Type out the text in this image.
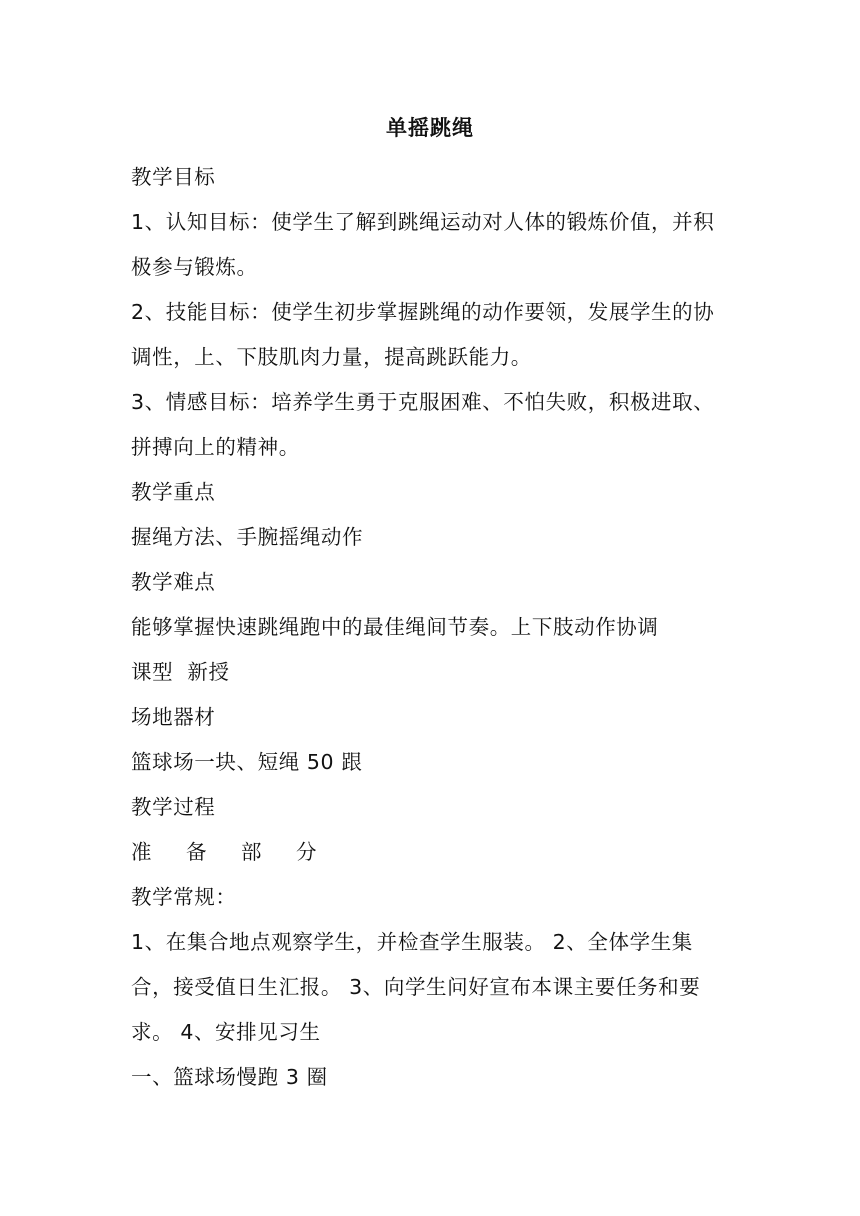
单摇跳绳

教学目标

1、认知目标：使学生了解到跳绳运动对人体的锻炼价值，并积极参与锻炼。

2、技能目标：使学生初步掌握跳绳的动作要领，发展学生的协调性，上、下肢肌肉力量，提高跳跃能力。

3、情感目标：培养学生勇于克服困难、不怕失败，积极进取、拼搏向上的精神。

教学重点

握绳方法、手腕摇绳动作

教学难点

能够掌握快速跳绳跑中的最佳绳间节奏。上下肢动作协调

课型  新授

场地器材

篮球场一块、短绳 50 跟

教学过程

准 备 部 分

教学常规：

1、在集合地点观察学生，并检查学生服装。 2、全体学生集合，接受值日生汇报。 3、向学生问好宣布本课主要任务和要求。 4、安排见习生

一、篮球场慢跑 3 圈
